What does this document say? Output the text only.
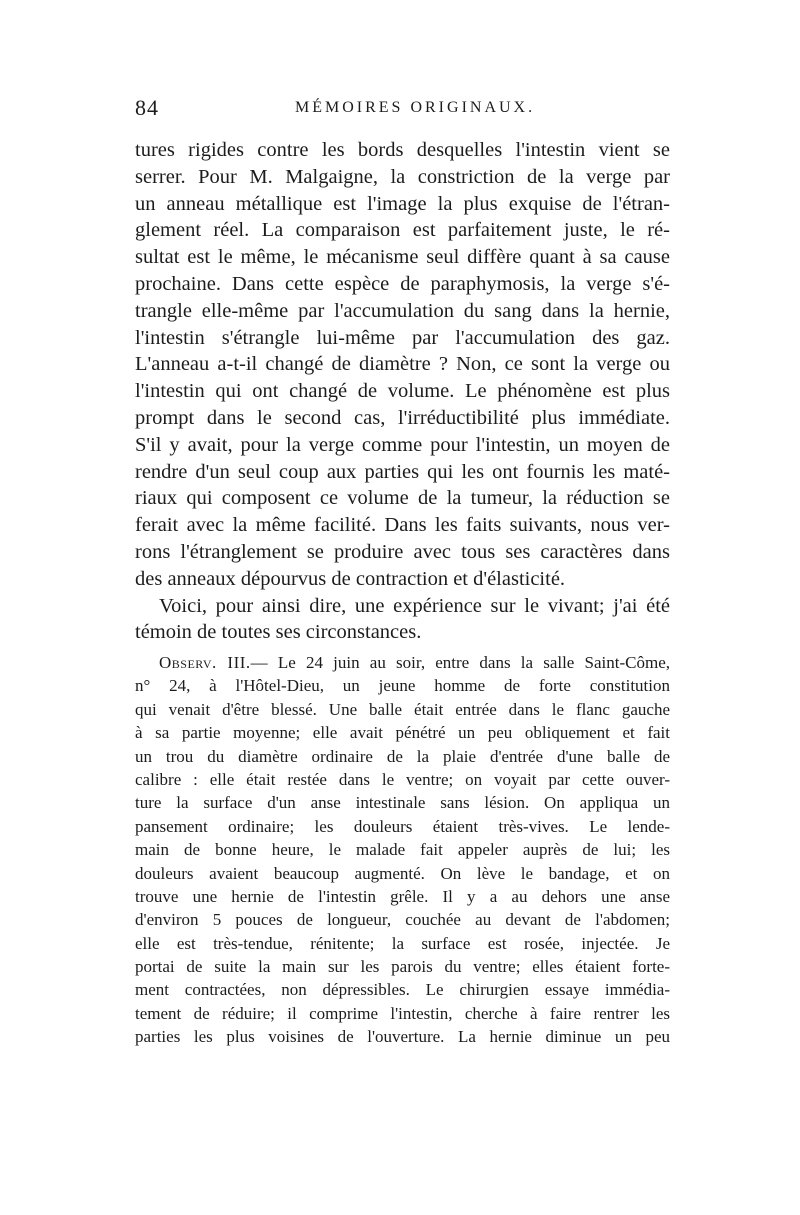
84	MÉMOIRES ORIGINAUX.
tures rigides contre les bords desquelles l'intestin vient se
serrer. Pour M. Malgaigne, la constriction de la verge par
un anneau métallique est l'image la plus exquise de l'étran-
glement réel. La comparaison est parfaitement juste, le ré-
sultat est le même, le mécanisme seul diffère quant à sa cause
prochaine. Dans cette espèce de paraphymosis, la verge s'é-
trangle elle-même par l'accumulation du sang dans la hernie,
l'intestin s'étrangle lui-même par l'accumulation des gaz.
L'anneau a-t-il changé de diamètre ? Non, ce sont la verge ou
l'intestin qui ont changé de volume. Le phénomène est plus
prompt dans le second cas, l'irréductibilité plus immédiate.
S'il y avait, pour la verge comme pour l'intestin, un moyen de
rendre d'un seul coup aux parties qui les ont fournis les maté-
riaux qui composent ce volume de la tumeur, la réduction se
ferait avec la même facilité. Dans les faits suivants, nous ver-
rons l'étranglement se produire avec tous ses caractères dans
des anneaux dépourvus de contraction et d'élasticité.
Voici, pour ainsi dire, une expérience sur le vivant; j'ai été
témoin de toutes ses circonstances.
Observ. III.— Le 24 juin au soir, entre dans la salle Saint-Côme,
n° 24, à l'Hôtel-Dieu, un jeune homme de forte constitution
qui venait d'être blessé. Une balle était entrée dans le flanc gauche
à sa partie moyenne; elle avait pénétré un peu obliquement et fait
un trou du diamètre ordinaire de la plaie d'entrée d'une balle de
calibre : elle était restée dans le ventre; on voyait par cette ouver-
ture la surface d'un anse intestinale sans lésion. On appliqua un
pansement ordinaire; les douleurs étaient très-vives. Le lende-
main de bonne heure, le malade fait appeler auprès de lui; les
douleurs avaient beaucoup augmenté. On lève le bandage, et on
trouve une hernie de l'intestin grêle. Il y a au dehors une anse
d'environ 5 pouces de longueur, couchée au devant de l'abdomen;
elle est très-tendue, rénitente; la surface est rosée, injectée. Je
portai de suite la main sur les parois du ventre; elles étaient forte-
ment contractées, non dépressibles. Le chirurgien essaye immédia-
tement de réduire; il comprime l'intestin, cherche à faire rentrer les
parties les plus voisines de l'ouverture. La hernie diminue un peu
